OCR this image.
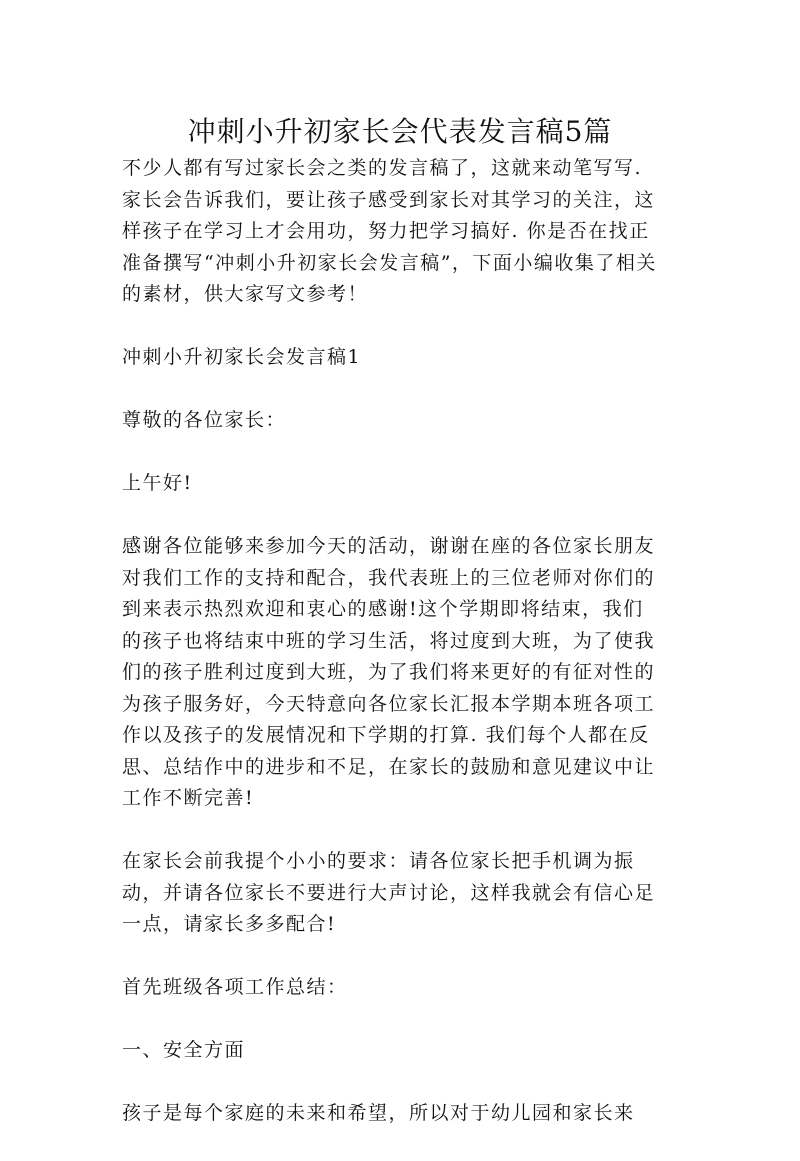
冲刺小升初家长会代表发言稿5篇

不少人都有写过家长会之类的发言稿了，这就来动笔写写.家长会告诉我们，要让孩子感受到家长对其学习的关注，这样孩子在学习上才会用功，努力把学习搞好. 你是否在找正准备撰写“冲刺小升初家长会发言稿”，下面小编收集了相关的素材，供大家写文参考！

冲刺小升初家长会发言稿1

尊敬的各位家长：

上午好!

感谢各位能够来参加今天的活动，谢谢在座的各位家长朋友对我们工作的支持和配合，我代表班上的三位老师对你们的到来表示热烈欢迎和衷心的感谢!这个学期即将结束，我们的孩子也将结束中班的学习生活，将过度到大班，为了使我们的孩子胜利过度到大班，为了我们将来更好的有征对性的为孩子服务好，今天特意向各位家长汇报本学期本班各项工作以及孩子的发展情况和下学期的打算. 我们每个人都在反思、总结作中的进步和不足，在家长的鼓励和意见建议中让工作不断完善!

在家长会前我提个小小的要求：请各位家长把手机调为振动，并请各位家长不要进行大声讨论，这样我就会有信心足一点，请家长多多配合!

首先班级各项工作总结：

一、安全方面

孩子是每个家庭的未来和希望，所以对于幼儿园和家长来
